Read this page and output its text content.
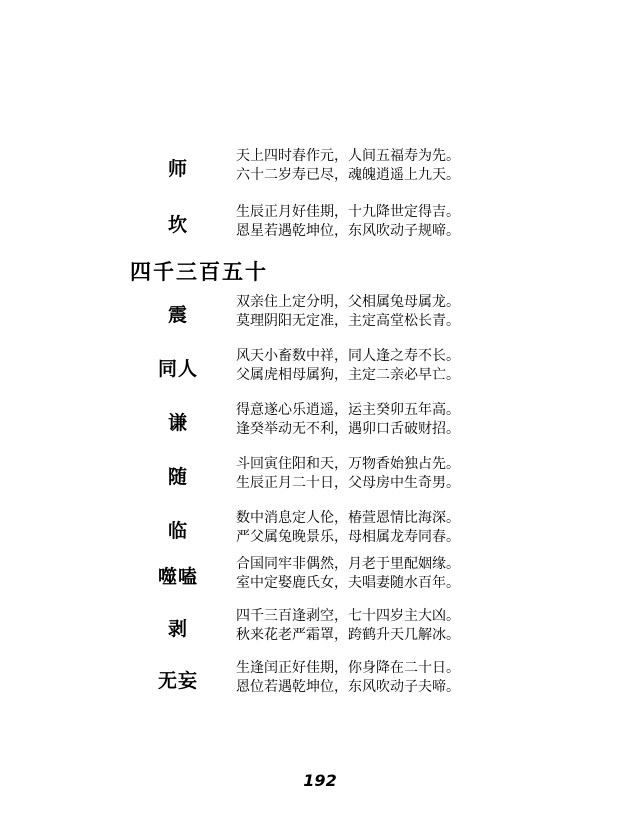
师
天上四时春作元，人间五福寿为先。
六十二岁寿已尽，魂魄逍遥上九天。
坎
生辰正月好佳期，十九降世定得吉。
恩星若遇乾坤位，东风吹动子规啼。
四千三百五十
震
双亲住上定分明，父相属兔母属龙。
莫理阴阳无定准，主定高堂松长青。
同人
风天小畜数中祥，同人逢之寿不长。
父属虎相母属狗，主定二亲必早亡。
谦
得意遂心乐逍遥，运主癸卯五年高。
逢癸举动无不利，遇卯口舌破财招。
随
斗回寅住阳和天，万物香始独占先。
生辰正月二十日，父母房中生奇男。
临
数中消息定人伦，椿萱恩情比海深。
严父属兔晚景乐，母相属龙寿同春。
噬嗑
合国同牢非偶然，月老于里配姻缘。
室中定娶鹿氏女，夫唱妻随水百年。
剥
四千三百逢剥空，七十四岁主大凶。
秋来花老严霜罩，跨鹤升天几解冰。
无妄
生逢闰正好佳期，你身降在二十日。
恩位若遇乾坤位，东风吹动子夫啼。
192
